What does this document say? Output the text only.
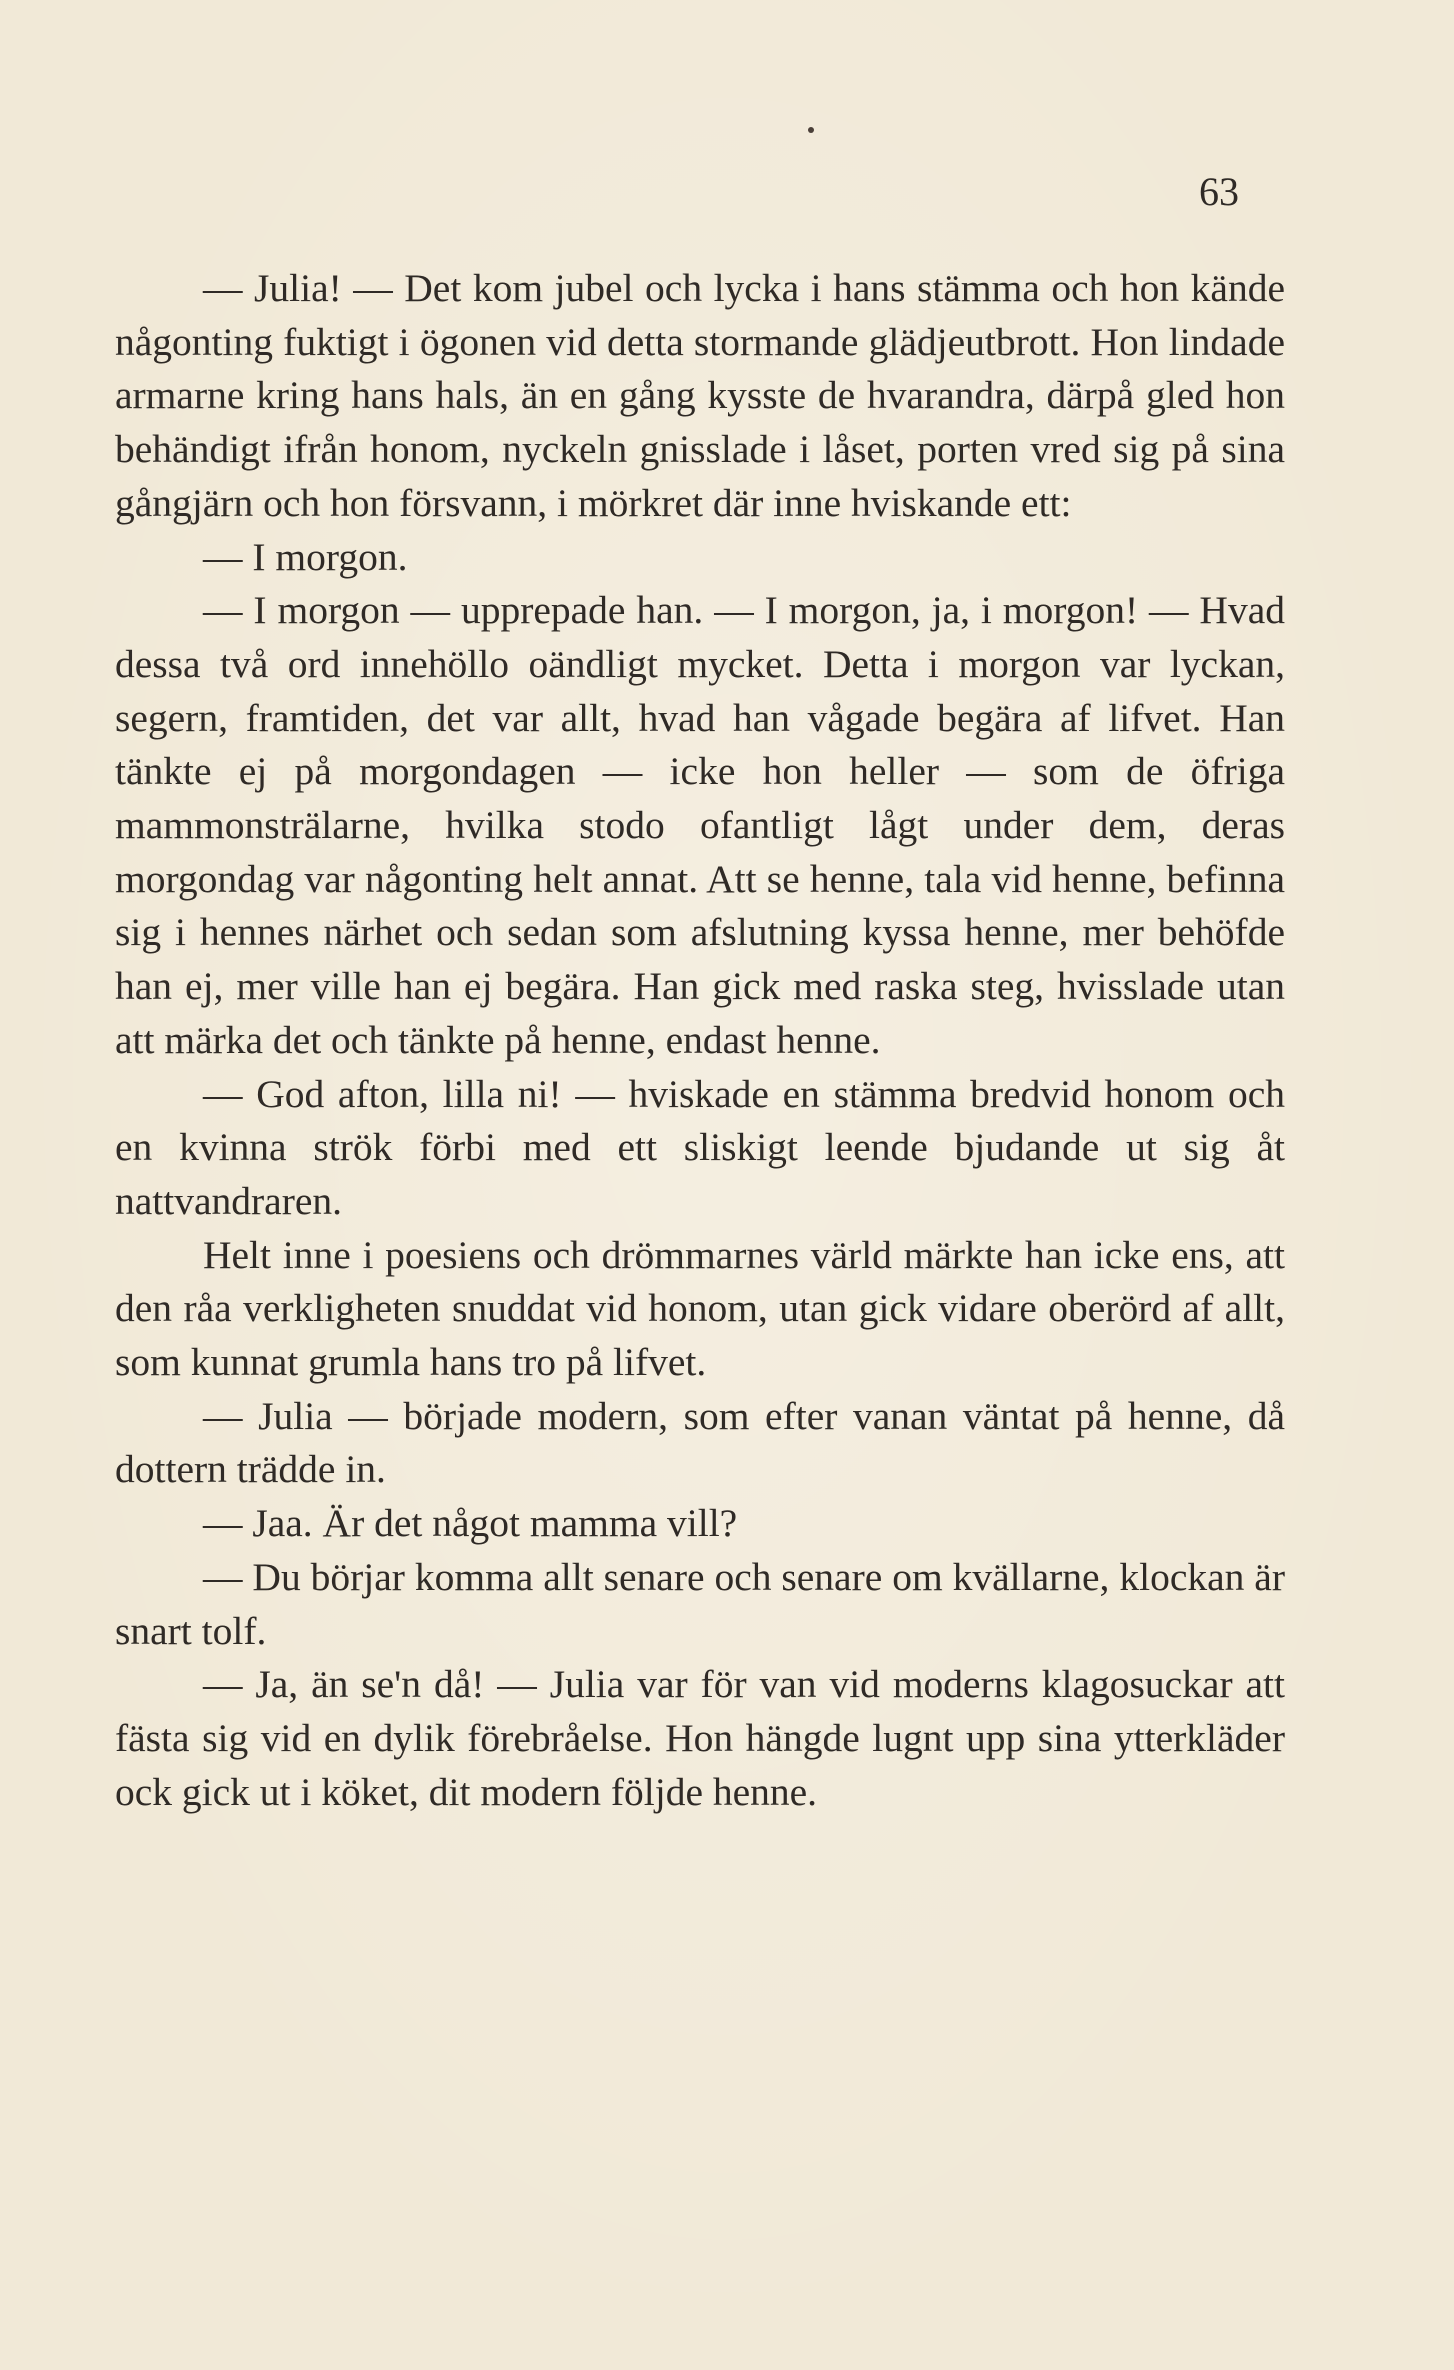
63

— Julia! — Det kom jubel och lycka i hans stämma och hon kände någonting fuktigt i ögonen vid detta stormande glädjeutbrott. Hon lindade armarne kring hans hals, än en gång kysste de hvarandra, därpå gled hon behändigt ifrån honom, nyckeln gnisslade i låset, porten vred sig på sina gångjärn och hon försvann, i mörkret där inne hviskande ett:

— I morgon.

— I morgon — upprepade han. — I morgon, ja, i morgon! — Hvad dessa två ord innehöllo oändligt mycket. Detta i morgon var lyckan, segern, framtiden, det var allt, hvad han vågade begära af lifvet. Han tänkte ej på morgondagen — icke hon heller — som de öfriga mammonsträlarne, hvilka stodo ofantligt lågt under dem, deras morgondag var någonting helt annat. Att se henne, tala vid henne, befinna sig i hennes närhet och sedan som afslutning kyssa henne, mer behöfde han ej, mer ville han ej begära. Han gick med raska steg, hvisslade utan att märka det och tänkte på henne, endast henne.

— God afton, lilla ni! — hviskade en stämma bredvid honom och en kvinna strök förbi med ett sliskigt leende bjudande ut sig åt nattvandraren.

Helt inne i poesiens och drömmarnes värld märkte han icke ens, att den råa verkligheten snuddat vid honom, utan gick vidare oberörd af allt, som kunnat grumla hans tro på lifvet.

— Julia — började modern, som efter vanan väntat på henne, då dottern trädde in.

— Jaa. Är det något mamma vill?

— Du börjar komma allt senare och senare om kvällarne, klockan är snart tolf.

— Ja, än se'n då! — Julia var för van vid moderns klagosuckar att fästa sig vid en dylik förebråelse. Hon hängde lugnt upp sina ytterkläder ock gick ut i köket, dit modern följde henne.
